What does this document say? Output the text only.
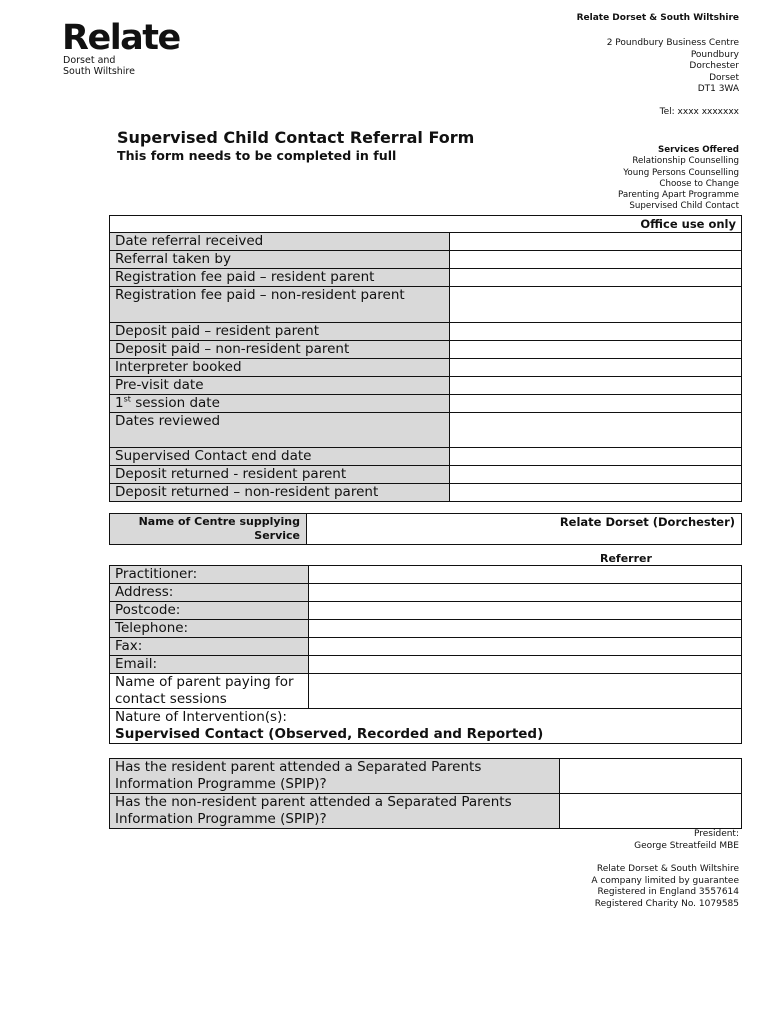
Relate
Dorset and
South Wiltshire
Relate Dorset & South Wiltshire
2 Poundbury Business Centre
Poundbury
Dorchester
Dorset
DT1 3WA
Tel: xxxx xxxxxxx
Services Offered
Relationship Counselling
Young Persons Counselling
Choose to Change
Parenting Apart Programme
Supervised Child Contact
Supervised Child Contact Referral Form
This form needs to be completed in full
Office use only	
Date referral received	
Referral taken by	
Registration fee paid – resident parent	
Registration fee paid – non-resident parent	
Deposit paid – resident parent	
Deposit paid – non-resident parent	
Interpreter booked	
Pre-visit date	
1st session date	
Dates reviewed	
Supervised Contact end date	
Deposit returned - resident parent	
Deposit returned – non-resident parent	
Name of Centre supplying Service	Relate Dorset (Dorchester)
Referrer
Practitioner:	
Address:	
Postcode:	
Telephone:	
Fax:	
Email:	
Name of parent paying for contact sessions	

Nature of Intervention(s):
Supervised Contact (Observed, Recorded and Reported)	
Has the resident parent attended a Separated Parents Information Programme (SPIP)?	
Has the non-resident parent attended a Separated Parents Information Programme (SPIP)?	
President:
George Streatfeild MBE
Relate Dorset & South Wiltshire
A company limited by guarantee
Registered in England 3557614
Registered Charity No. 1079585
